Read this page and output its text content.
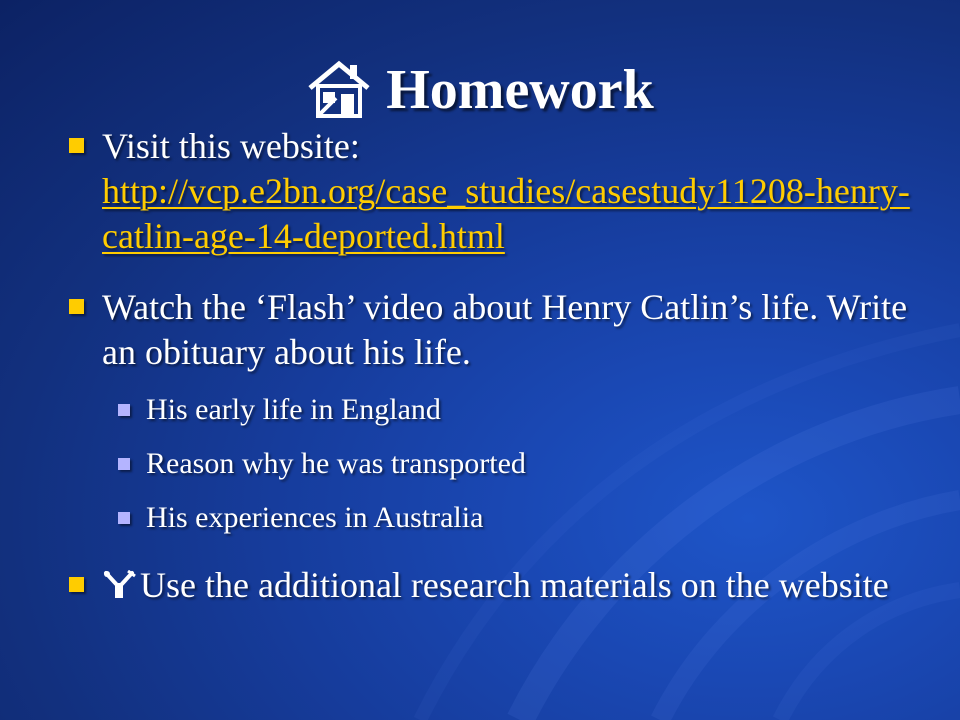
Homework
Visit this website: http://vcp.e2bn.org/case_studies/casestudy11208-henry-catlin-age-14-deported.html
Watch the ‘Flash’ video about Henry Catlin’s life. Write an obituary about his life.
His early life in England
Reason why he was transported
His experiences in Australia
Use the additional research materials on the website
